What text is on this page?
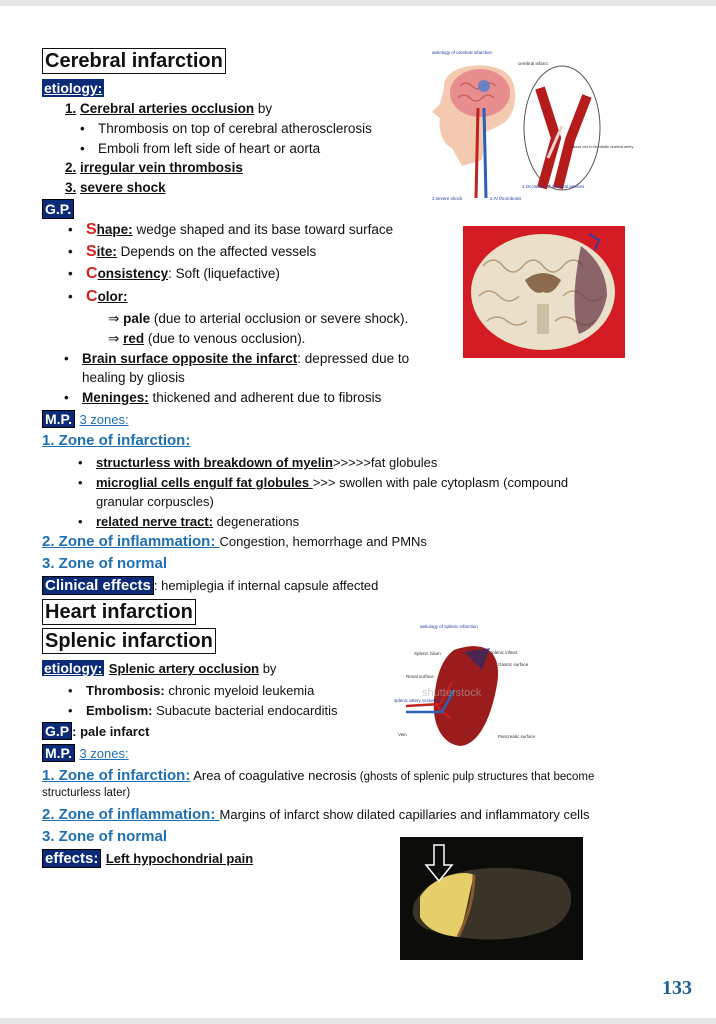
Cerebral infarction
etiology:
1. Cerebral arteries occlusion by
• Thrombosis on top of cerebral atherosclerosis
• Emboli from left side of heart or aorta
2. irregular vein thrombosis
3. severe shock
G.P.
• Shape: wedge shaped and its base toward surface
• Site: Depends on the affected vessels
• Consistency: Soft (liquefactive)
• Color:
⇒ pale (due to arterial occlusion or severe shock).
⇒ red (due to venous occlusion).
• Brain surface opposite the infarct: depressed due to
healing by gliosis
• Meninges: thickened and adherent due to fibrosis
M.P. 3 zones:
1. Zone of infarction:
• structurless with breakdown of myelin>>>>>fat globules
• microglial cells engulf fat globules >>> swollen with pale cytoplasm (compound
granular corpuscles)
• related nerve tract: degenerations
2. Zone of inflammation: Congestion, hemorrhage and PMNs
3. Zone of normal
Clinical effects : hemiplegia if internal capsule affected
Heart infarction
Splenic infarction
etiology: Splenic artery occlusion by
• Thrombosis: chronic myeloid leukemia
• Embolism: Subacute bacterial endocarditis
G.P : pale infarct
M.P. 3 zones:
1. Zone of infarction: Area of coagulative necrosis (ghosts of splenic pulp structures that become
structurless later)
2. Zone of inflammation: Margins of infarct show dilated capillaries and inflammatory cells
3. Zone of normal
effects: Left hypochondrial pain
aetiology of cerebral infarction
cerebral infarct
Blood clot in the middle cerebral artery
1.Occlusion of cerebral arteries
3.severe shock	2.IV thrombosis
aetiology of splenic infarction
Splenic hilum	splenic infarct
Gastric surface
Renal surface
splenic artery occlusion
Vein	Pancreatic surface
shutterstock
133
